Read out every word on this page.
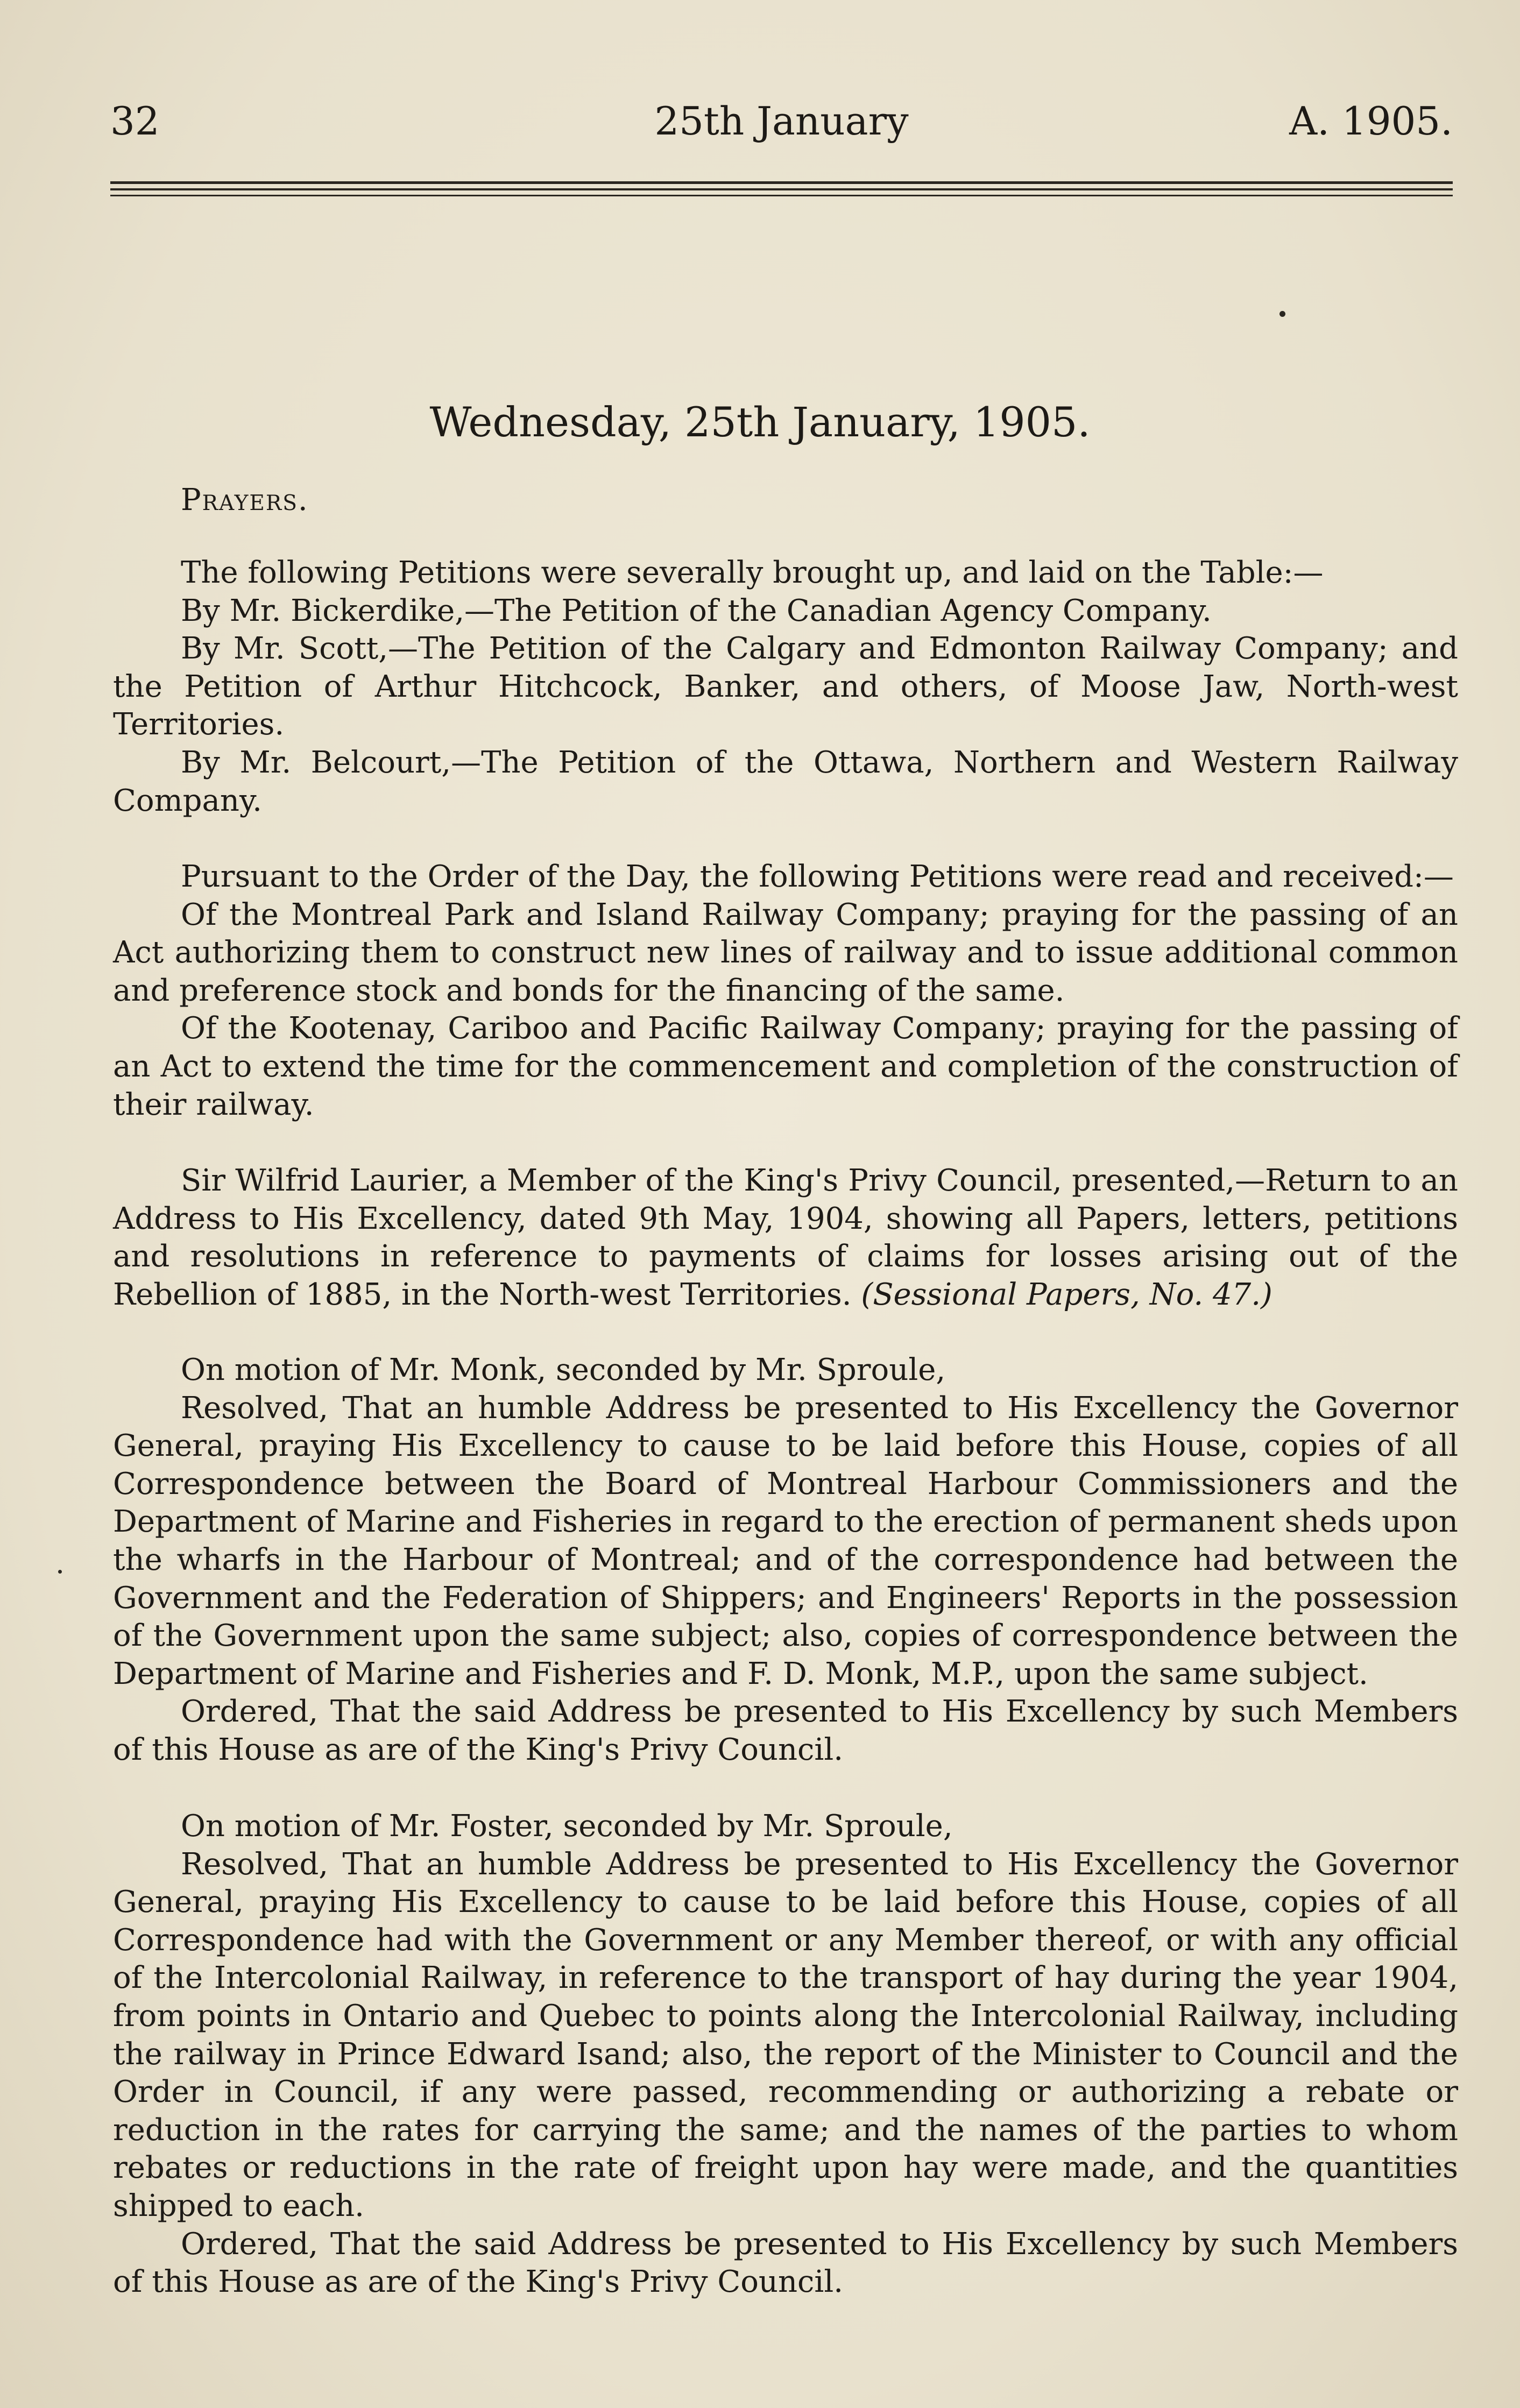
32	25th January	A. 1905.
Wednesday, 25th January, 1905.

Prayers.

The following Petitions were severally brought up, and laid on the Table:—

By Mr. Bickerdike,—The Petition of the Canadian Agency Company.

By Mr. Scott,—The Petition of the Calgary and Edmonton Railway Company; and the Petition of Arthur Hitchcock, Banker, and others, of Moose Jaw, North-west Territories.

By Mr. Belcourt,—The Petition of the Ottawa, Northern and Western Railway Company.

Pursuant to the Order of the Day, the following Petitions were read and received:—

Of the Montreal Park and Island Railway Company; praying for the passing of an Act authorizing them to construct new lines of railway and to issue additional common and preference stock and bonds for the financing of the same.

Of the Kootenay, Cariboo and Pacific Railway Company; praying for the passing of an Act to extend the time for the commencement and completion of the construction of their railway.

Sir Wilfrid Laurier, a Member of the King's Privy Council, presented,—Return to an Address to His Excellency, dated 9th May, 1904, showing all Papers, letters, petitions and resolutions in reference to payments of claims for losses arising out of the Rebellion of 1885, in the North-west Territories. (Sessional Papers, No. 47.)

On motion of Mr. Monk, seconded by Mr. Sproule,

Resolved, That an humble Address be presented to His Excellency the Governor General, praying His Excellency to cause to be laid before this House, copies of all Correspondence between the Board of Montreal Harbour Commissioners and the Department of Marine and Fisheries in regard to the erection of permanent sheds upon the wharfs in the Harbour of Montreal; and of the correspondence had between the Government and the Federation of Shippers; and Engineers' Reports in the possession of the Government upon the same subject; also, copies of correspondence between the Department of Marine and Fisheries and F. D. Monk, M.P., upon the same subject.

Ordered, That the said Address be presented to His Excellency by such Members of this House as are of the King's Privy Council.

On motion of Mr. Foster, seconded by Mr. Sproule,

Resolved, That an humble Address be presented to His Excellency the Governor General, praying His Excellency to cause to be laid before this House, copies of all Correspondence had with the Government or any Member thereof, or with any official of the Intercolonial Railway, in reference to the transport of hay during the year 1904, from points in Ontario and Quebec to points along the Intercolonial Railway, including the railway in Prince Edward Isand; also, the report of the Minister to Council and the Order in Council, if any were passed, recommending or authorizing a rebate or reduction in the rates for carrying the same; and the names of the parties to whom rebates or reductions in the rate of freight upon hay were made, and the quantities shipped to each.

Ordered, That the said Address be presented to His Excellency by such Members of this House as are of the King's Privy Council.
